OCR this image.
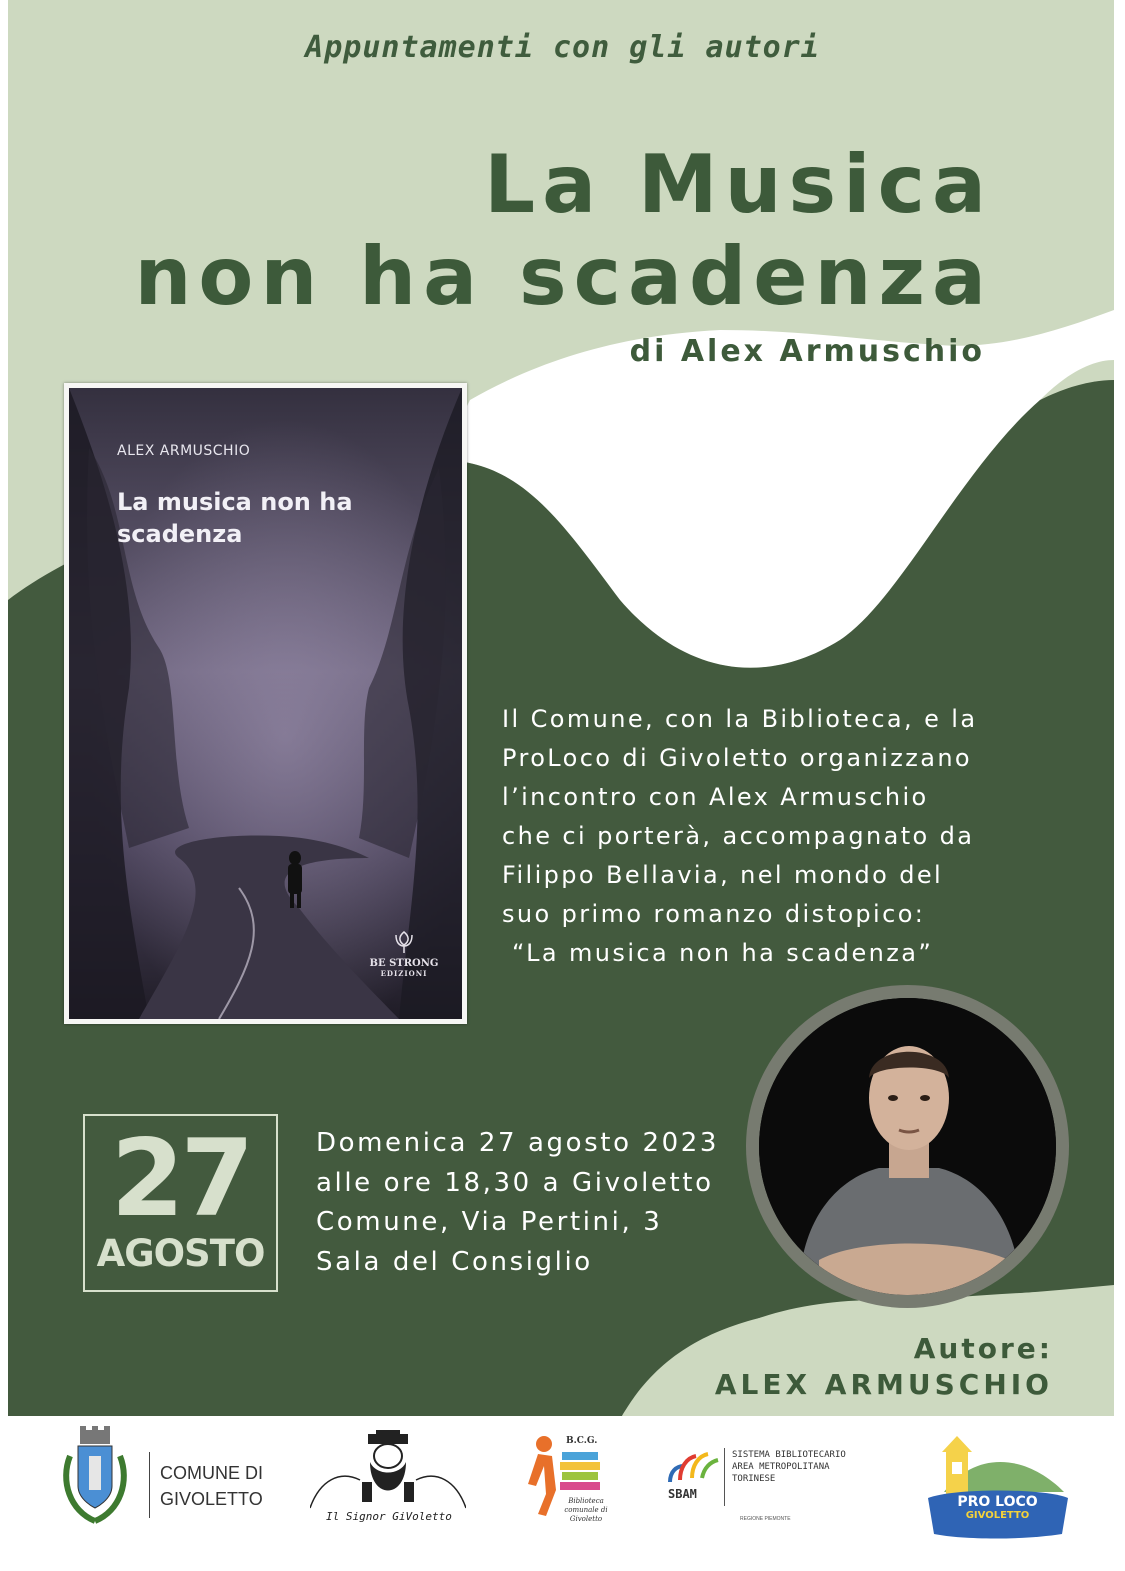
Appuntamenti con gli autori
La Musica
non ha scadenza
di Alex Armuschio
ALEX ARMUSCHIO
La musica non ha scadenza
BE STRONG
EDIZIONI
Il Comune, con la Biblioteca, e la
ProLoco di Givoletto organizzano
l’incontro con Alex Armuschio
che ci porterà, accompagnato da
Filippo Bellavia, nel mondo del
suo primo romanzo distopico:
“La musica non ha scadenza”
27
AGOSTO
Domenica 27 agosto 2023
alle ore 18,30 a Givoletto
Comune, Via Pertini, 3
Sala del Consiglio
Autore:
ALEX ARMUSCHIO
COMUNE DI
GIVOLETTO
Il Signor GiVoletto
B.C.G.
Biblioteca comunale di Givoletto
SBAM
SISTEMA BIBLIOTECARIO AREA METROPOLITANA TORINESE
REGIONE PIEMONTE
PRO LOCO
GIVOLETTO
